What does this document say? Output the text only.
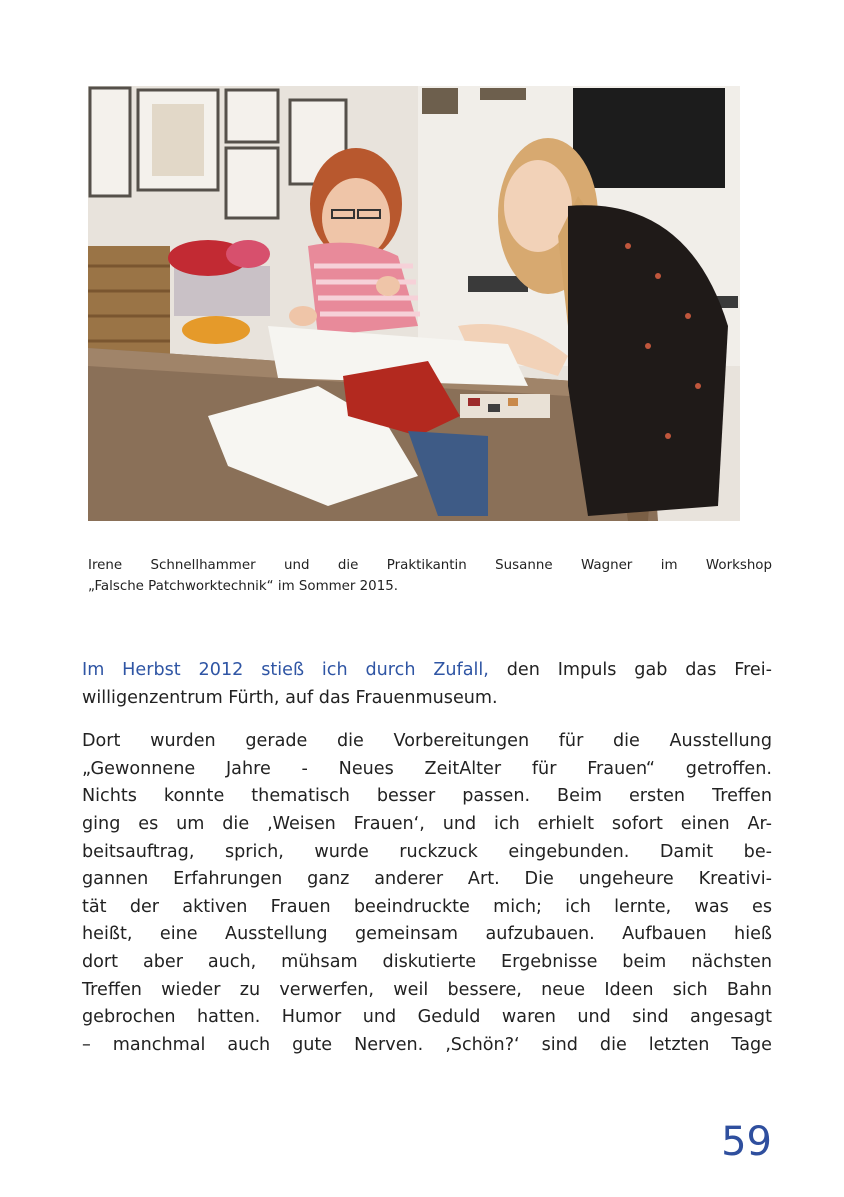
Irene Schnellhammer und die Praktikantin Susanne Wagner im Workshop
„Falsche Patchworktechnik“ im Sommer 2015.

Im Herbst 2012 stieß ich durch Zufall, den Impuls gab das Frei-
willigenzentrum Fürth, auf das Frauenmuseum.

Dort wurden gerade die Vorbereitungen für die Ausstellung
„Gewonnene Jahre - Neues ZeitAlter für Frauen“ getroffen.
Nichts konnte thematisch besser passen. Beim ersten Treffen
ging es um die ‚Weisen Frauen‘, und ich erhielt sofort einen Ar-
beitsauftrag, sprich, wurde ruckzuck eingebunden. Damit be-
gannen Erfahrungen ganz anderer Art. Die ungeheure Kreativi-
tät der aktiven Frauen beeindruckte mich; ich lernte, was es
heißt, eine Ausstellung gemeinsam aufzubauen. Aufbauen hieß
dort aber auch, mühsam diskutierte Ergebnisse beim nächsten
Treffen wieder zu verwerfen, weil bessere, neue Ideen sich Bahn
gebrochen hatten. Humor und Geduld waren und sind angesagt
– manchmal auch gute Nerven. ‚Schön?‘ sind die letzten Tage

59
